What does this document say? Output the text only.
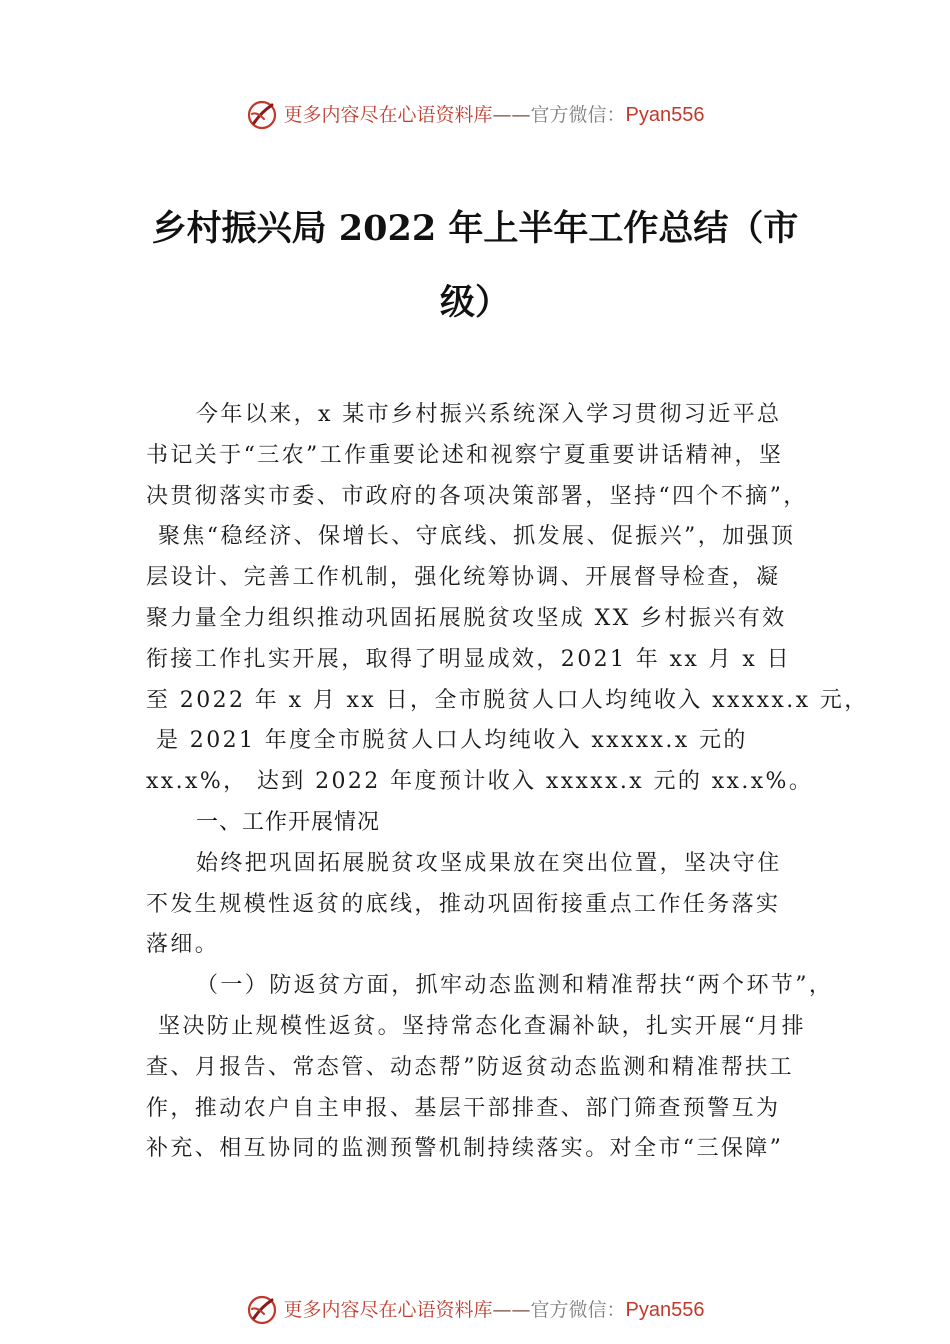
更多内容尽在心语资料库 —— 官方微信： Pyan556
乡村振兴局 2022 年上半年工作总结（市
级）
今年以来，x 某市乡村振兴系统深入学习贯彻习近平总
书记关于“三农”工作重要论述和视察宁夏重要讲话精神，坚
决贯彻落实市委、市政府的各项决策部署，坚持“四个不摘”，
聚焦“稳经济、保增长、守底线、抓发展、促振兴”，加强顶
层设计、完善工作机制，强化统筹协调、开展督导检查，凝
聚力量全力组织推动巩固拓展脱贫攻坚成 XX 乡村振兴有效
衔接工作扎实开展，取得了明显成效，2021 年 xx 月 x 日
至 2022 年 x 月 xx 日，全市脱贫人口人均纯收入 xxxxx.x 元，
是 2021 年度全市脱贫人口人均纯收入 xxxxx.x 元的
xx.x%， 达到 2022 年度预计收入 xxxxx.x 元的 xx.x%。
一、工作开展情况
始终把巩固拓展脱贫攻坚成果放在突出位置，坚决守住
不发生规模性返贫的底线，推动巩固衔接重点工作任务落实
落细。
（一）防返贫方面，抓牢动态监测和精准帮扶“两个环节”，
坚决防止规模性返贫。坚持常态化查漏补缺，扎实开展“月排
查、月报告、常态管、动态帮”防返贫动态监测和精准帮扶工
作，推动农户自主申报、基层干部排查、部门筛查预警互为
补充、相互协同的监测预警机制持续落实。对全市“三保障”
更多内容尽在心语资料库 —— 官方微信： Pyan556
